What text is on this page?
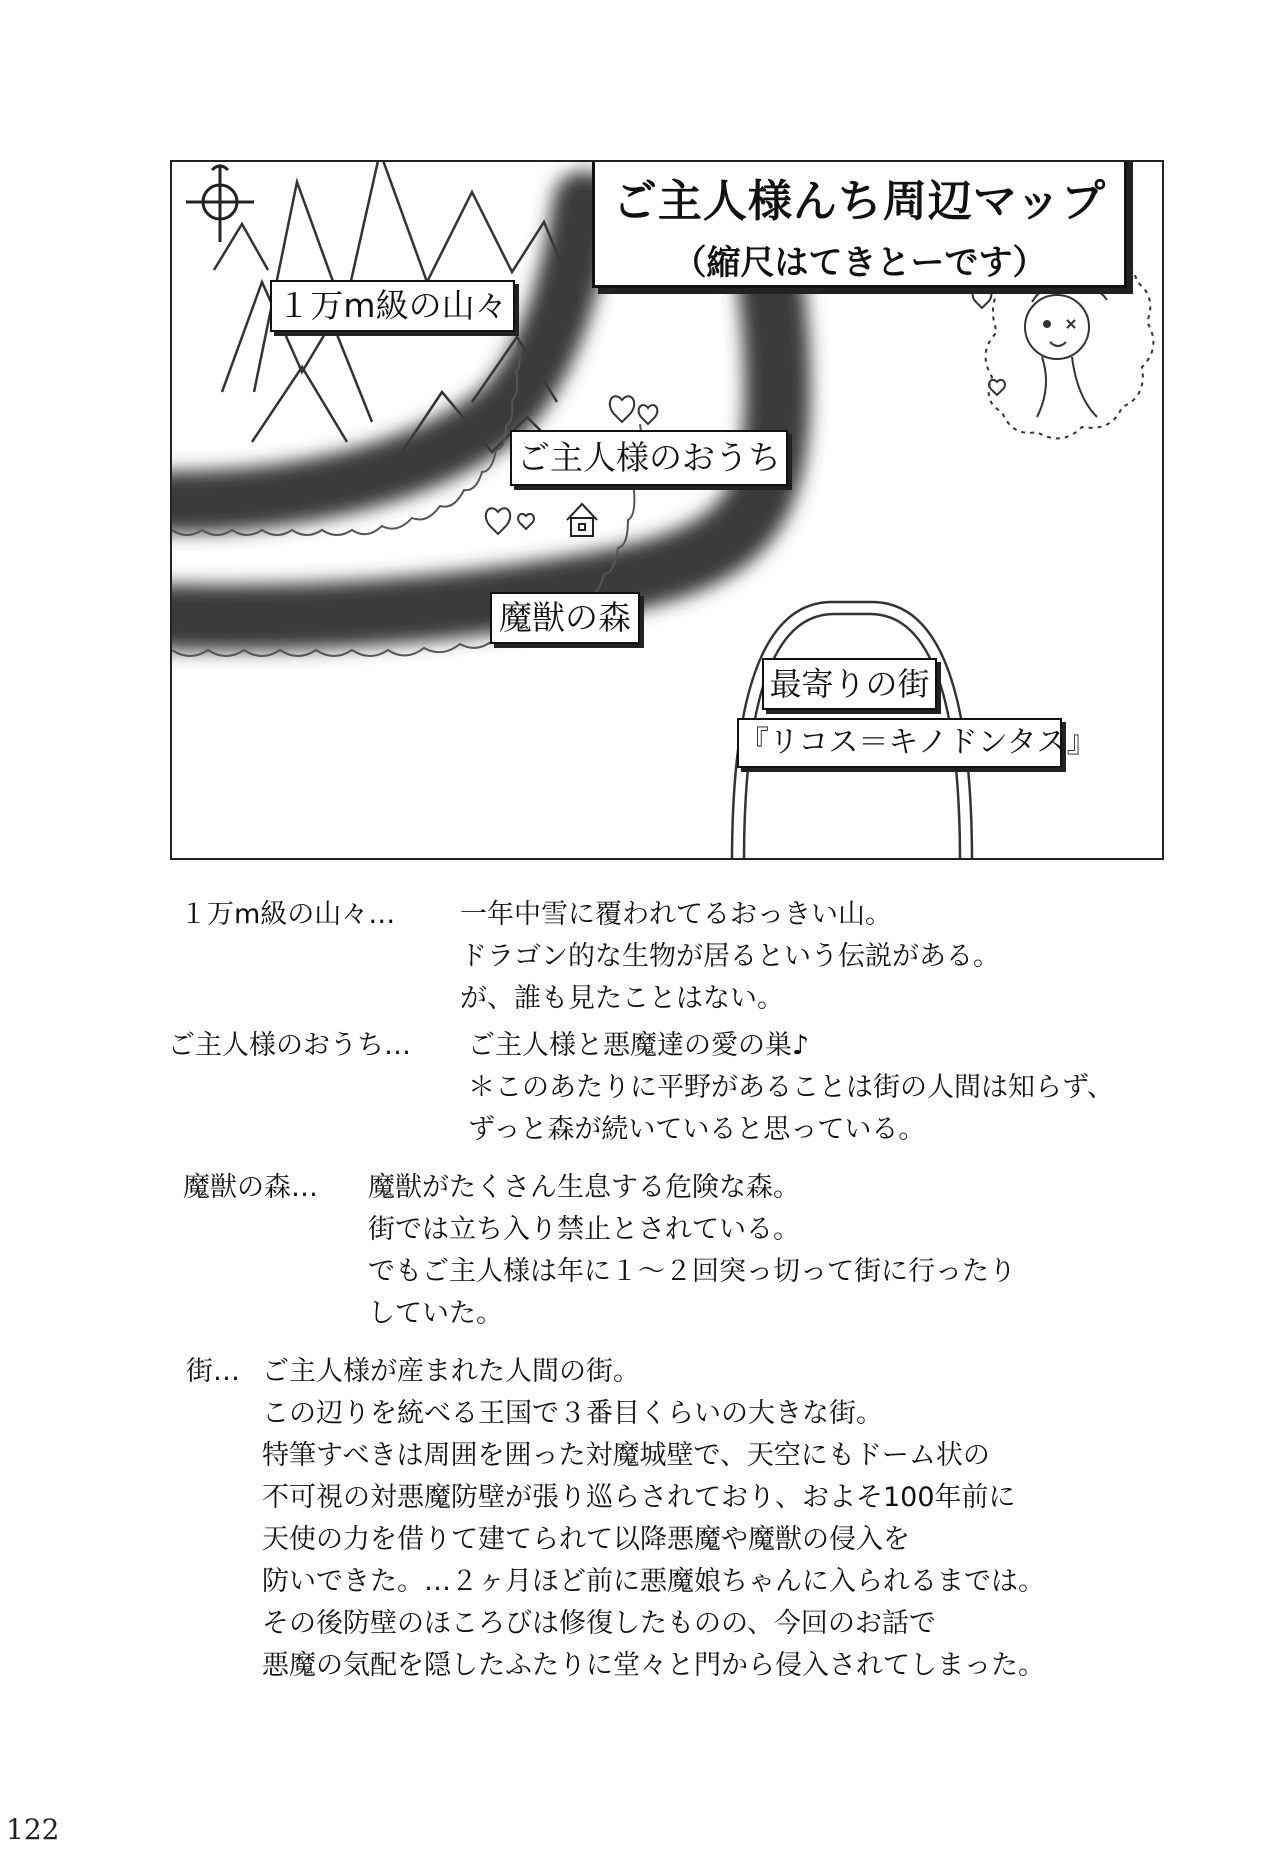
ご主人様んち周辺マップ
（縮尺はてきとーです）
１万m級の山々
ご主人様のおうち
魔獣の森
最寄りの街
『リコス＝キノドンタス』
１万m級の山々… 一年中雪に覆われてるおっきい山。
ドラゴン的な生物が居るという伝説がある。
が、誰も見たことはない。
ご主人様のおうち… ご主人様と悪魔達の愛の巣♪
＊このあたりに平野があることは街の人間は知らず、
ずっと森が続いていると思っている。
魔獣の森… 魔獣がたくさん生息する危険な森。
街では立ち入り禁止とされている。
でもご主人様は年に１～２回突っ切って街に行ったり
していた。
街… ご主人様が産まれた人間の街。
この辺りを統べる王国で３番目くらいの大きな街。
特筆すべきは周囲を囲った対魔城壁で、天空にもドーム状の
不可視の対悪魔防壁が張り巡らされており、およそ100年前に
天使の力を借りて建てられて以降悪魔や魔獣の侵入を
防いできた。…２ヶ月ほど前に悪魔娘ちゃんに入られるまでは。
その後防壁のほころびは修復したものの、今回のお話で
悪魔の気配を隠したふたりに堂々と門から侵入されてしまった。
122
